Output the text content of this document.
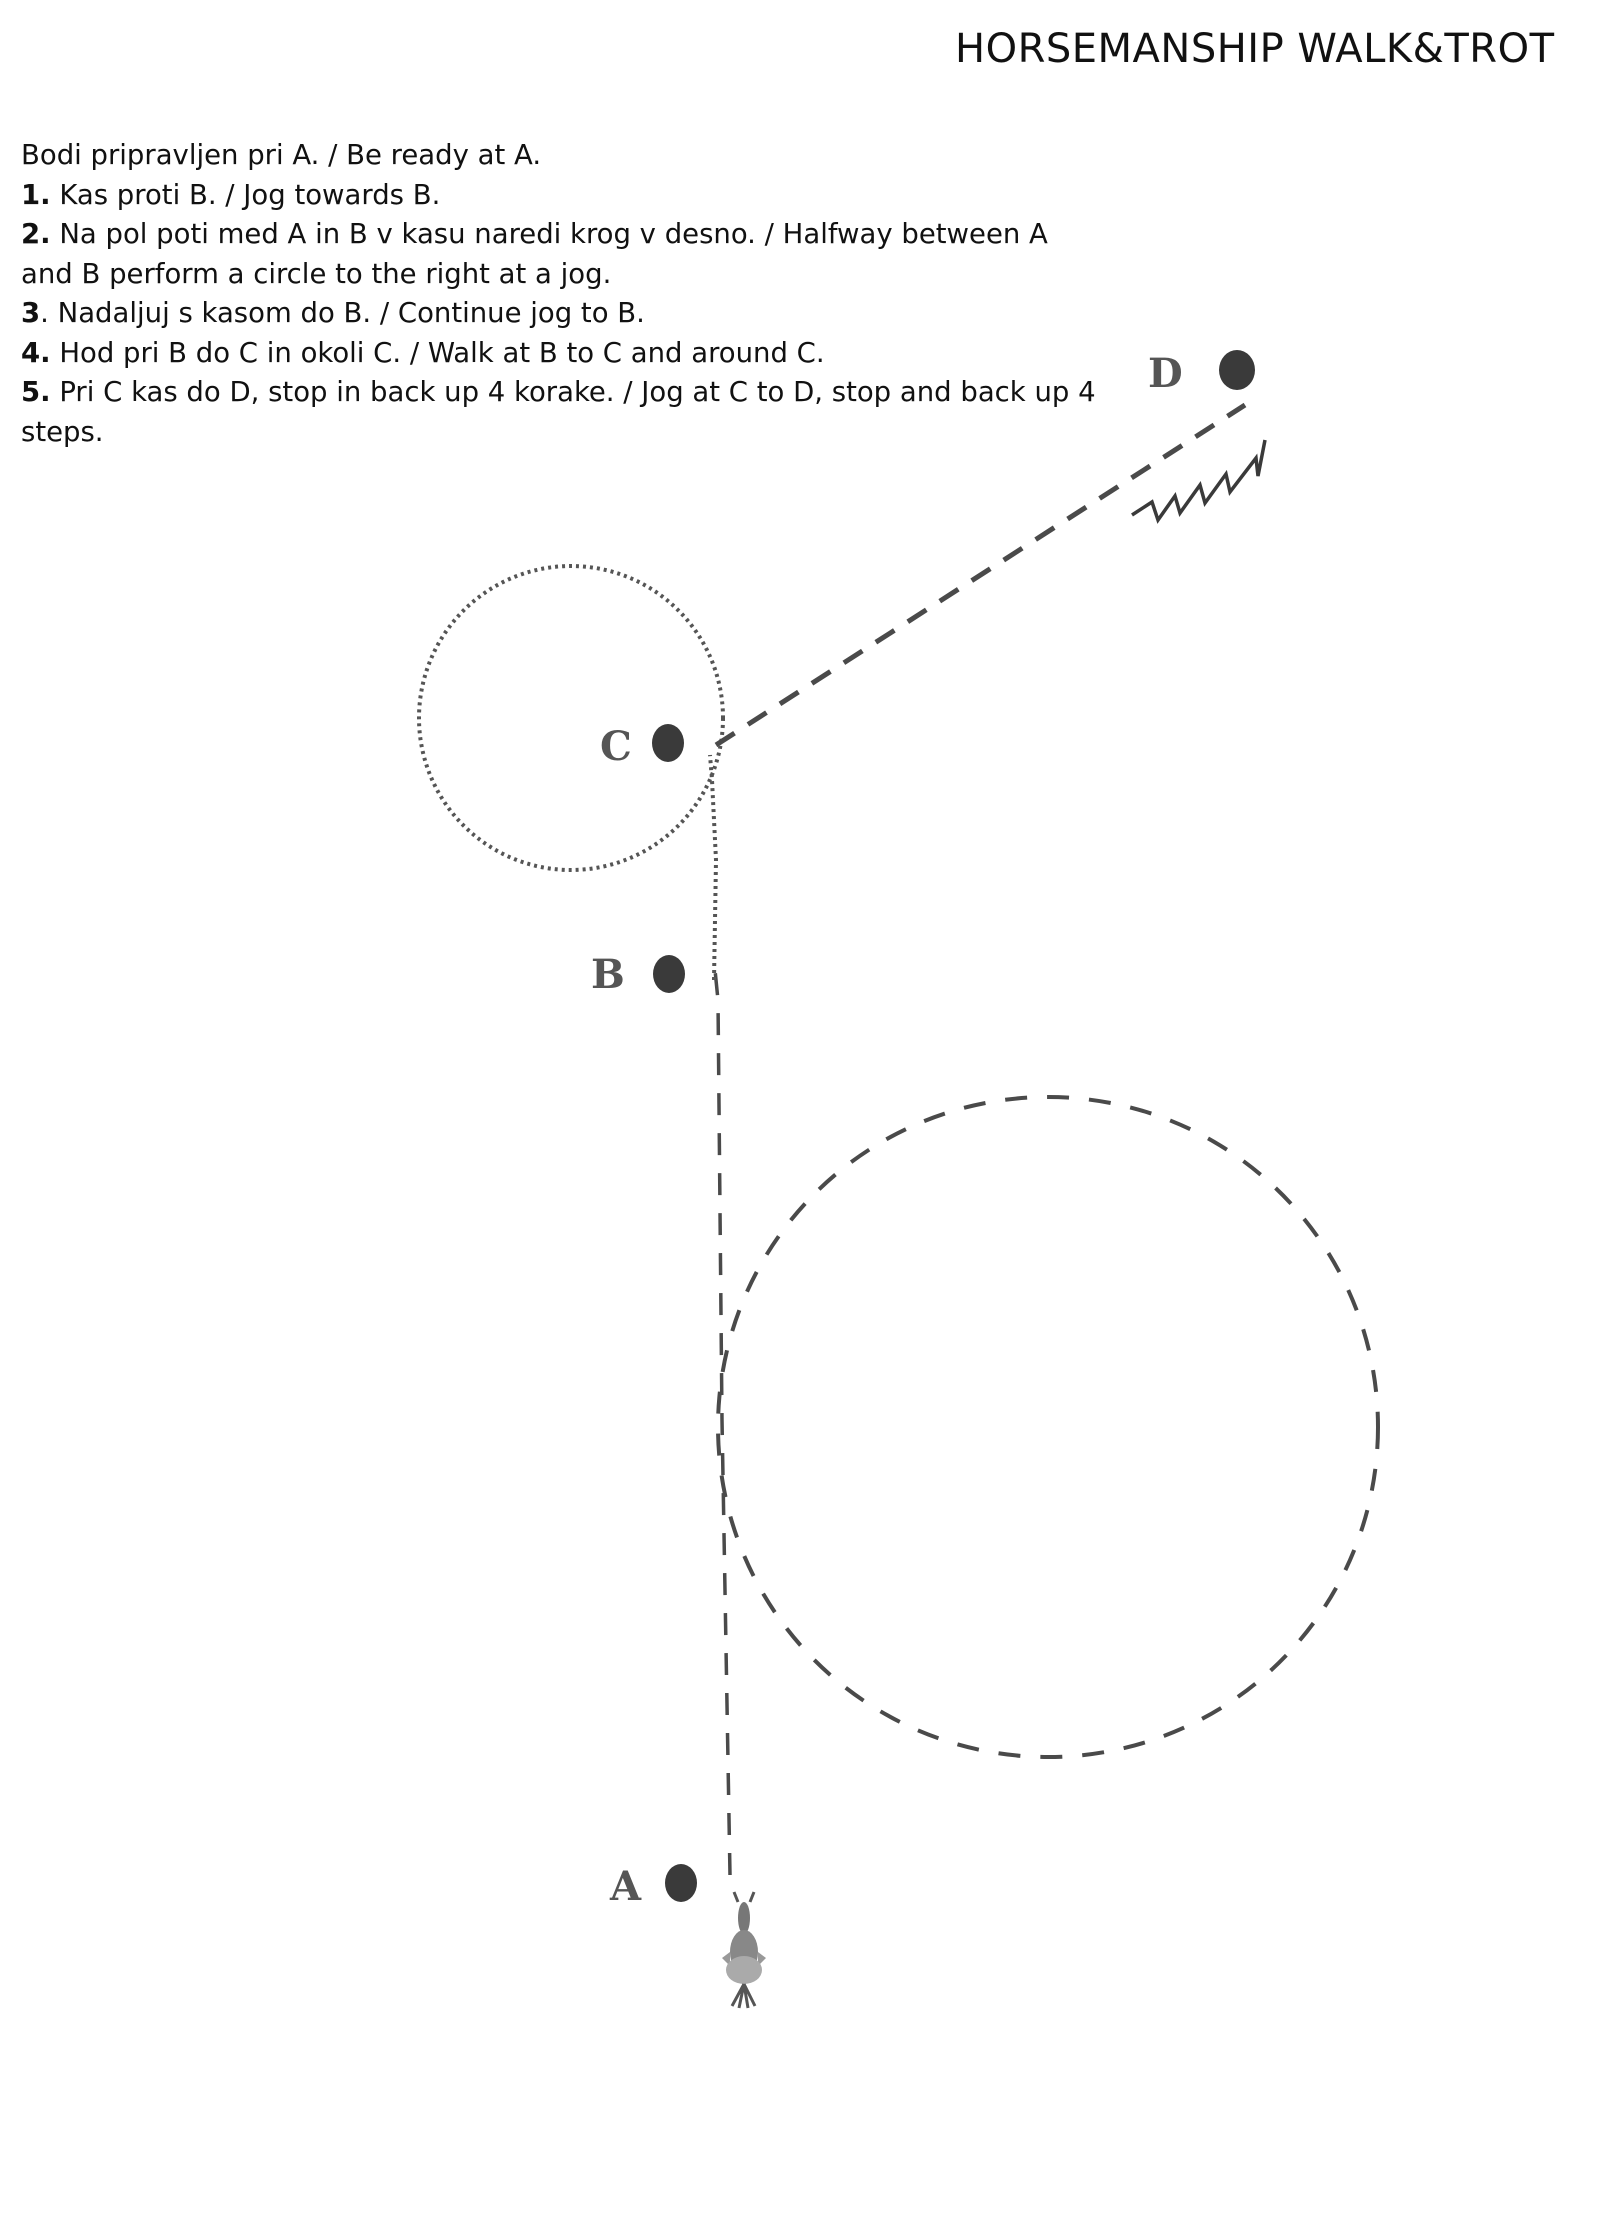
HORSEMANSHIP WALK&TROT
Bodi pripravljen pri A. / Be ready at A.
1. Kas proti B. / Jog towards B.
2. Na pol poti med A in B v kasu naredi krog v desno. / Halfway between A and B perform a circle to the right at a jog.
3. Nadaljuj s kasom do B. / Continue jog to B.
4. Hod pri B do C in okoli C. / Walk at B to C and around C.
5. Pri C kas do D, stop in back up 4 korake. / Jog at C to D, stop and back up 4 steps.
A
B
C
D
